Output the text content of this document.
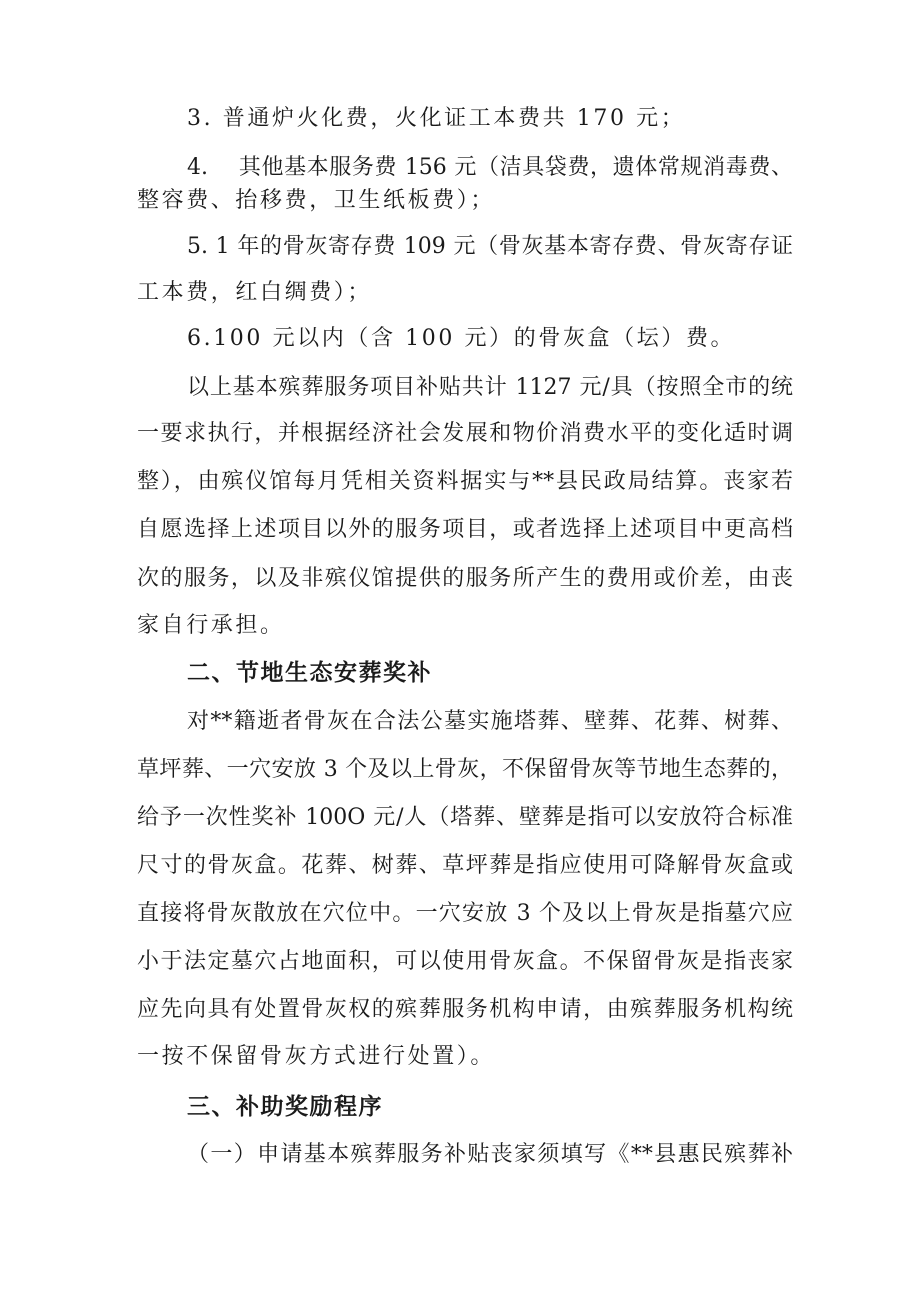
3. 普通炉火化费，火化证工本费共 170 元；
4.　 其他基本服务费 156 元（洁具袋费，遗体常规消毒费、
整容费、抬移费，卫生纸板费）；
5. 1 年的骨灰寄存费 109 元（骨灰基本寄存费、骨灰寄存证
工本费，红白绸费）；
6.100 元以内（含 100 元）的骨灰盒（坛）费。
以上基本殡葬服务项目补贴共计 1127 元/具（按照全市的统
一要求执行，并根据经济社会发展和物价消费水平的变化适时调
整），由殡仪馆每月凭相关资料据实与**县民政局结算。丧家若
自愿选择上述项目以外的服务项目，或者选择上述项目中更高档
次的服务，以及非殡仪馆提供的服务所产生的费用或价差，由丧
家自行承担。
二、节地生态安葬奖补
对**籍逝者骨灰在合法公墓实施塔葬、壁葬、花葬、树葬、
草坪葬、一穴安放 3 个及以上骨灰，不保留骨灰等节地生态葬的，
给予一次性奖补 100O 元/人（塔葬、壁葬是指可以安放符合标准
尺寸的骨灰盒。花葬、树葬、草坪葬是指应使用可降解骨灰盒或
直接将骨灰散放在穴位中。一穴安放 3 个及以上骨灰是指墓穴应
小于法定墓穴占地面积，可以使用骨灰盒。不保留骨灰是指丧家
应先向具有处置骨灰权的殡葬服务机构申请，由殡葬服务机构统
一按不保留骨灰方式进行处置）。
三、补助奖励程序
（一）申请基本殡葬服务补贴丧家须填写《**县惠民殡葬补
